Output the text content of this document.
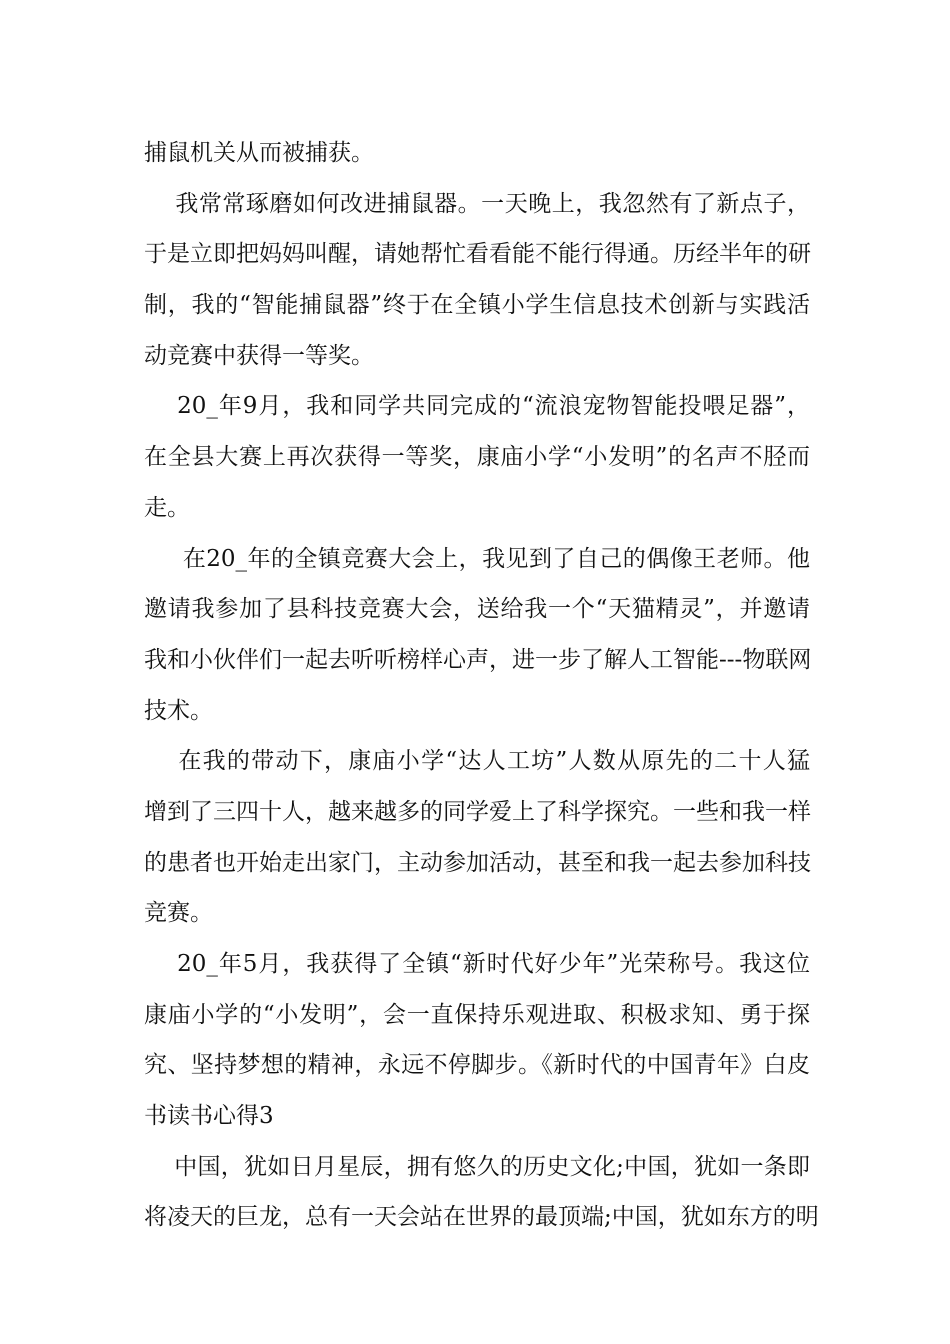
捕鼠机关从而被捕获。
我常常琢磨如何改进捕鼠器。一天晚上，我忽然有了新点子，
于是立即把妈妈叫醒，请她帮忙看看能不能行得通。历经半年的研
制，我的“智能捕鼠器”终于在全镇小学生信息技术创新与实践活
动竞赛中获得一等奖。
20_年9月，我和同学共同完成的“流浪宠物智能投喂足器”，
在全县大赛上再次获得一等奖，康庙小学“小发明”的名声不胫而
走。
在20_年的全镇竞赛大会上，我见到了自己的偶像王老师。他
邀请我参加了县科技竞赛大会，送给我一个“天猫精灵”，并邀请
我和小伙伴们一起去听听榜样心声，进一步了解人工智能---物联网
技术。
在我的带动下，康庙小学“达人工坊”人数从原先的二十人猛
增到了三四十人，越来越多的同学爱上了科学探究。一些和我一样
的患者也开始走出家门，主动参加活动，甚至和我一起去参加科技
竞赛。
20_年5月，我获得了全镇“新时代好少年”光荣称号。我这位
康庙小学的“小发明”，会一直保持乐观进取、积极求知、勇于探
究、坚持梦想的精神，永远不停脚步。《新时代的中国青年》白皮
书读书心得3
中国，犹如日月星辰，拥有悠久的历史文化;中国，犹如一条即
将凌天的巨龙，总有一天会站在世界的最顶端;中国，犹如东方的明
